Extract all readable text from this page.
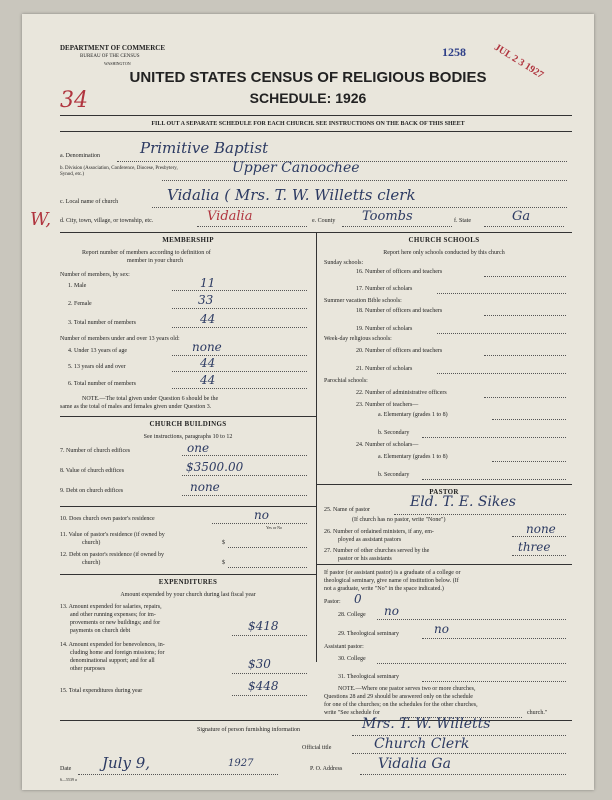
DEPARTMENT OF COMMERCE
BUREAU OF THE CENSUS
WASHINGTON
1258	JUL 2 3 1927
UNITED STATES CENSUS OF RELIGIOUS BODIES
SCHEDULE: 1926
34
FILL OUT A SEPARATE SCHEDULE FOR EACH CHURCH. SEE INSTRUCTIONS ON THE BACK OF THIS SHEET
a. Denomination	Primitive Baptist
b. Division (Association, Conference, Diocese, Presbytery, Synod, etc.)	Upper Canoochee
c. Local name of church	Vidalia ( Mrs. T. W. Willetts clerk
W, d. City, town, village, or township, etc.	Vidalia	e. County Toombs	f. State	Ga
MEMBERSHIP
Report number of members according to definition of
member in your church
Number of members, by sex:
1. Male	11
2. Female	33
3. Total number of members	44
Number of members under and over 13 years old:
4. Under 13 years of age	none
5. 13 years old and over	44
6. Total number of members	44
NOTE.—The total given under Question 6 should be the
same as the total of males and females given under Question 3.
CHURCH BUILDINGS
See instructions, paragraphs 10 to 12
7. Number of church edifices	one
8. Value of church edifices	$3500.00
9. Debt on church edifices	none
10. Does church own pastor's residence	no
Yes or No
11. Value of pastor's residence (if owned by
church)	$
12. Debt on pastor's residence (if owned by
church)	$
EXPENDITURES
Amount expended by your church during last fiscal year
13. Amount expended for salaries, repairs,
and other running expenses; for im-
provements or new buildings; and for
payments on church debt	$418
14. Amount expended for benevolences, in-
cluding home and foreign missions; for
denominational support; and for all
other purposes	$30
15. Total expenditures during year	$448
CHURCH SCHOOLS
Report here only schools conducted by this church
Sunday schools:
16. Number of officers and teachers
17. Number of scholars
Summer vacation Bible schools:
18. Number of officers and teachers
19. Number of scholars
Week-day religious schools:
20. Number of officers and teachers
21. Number of scholars
Parochial schools:
22. Number of administrative officers
23. Number of teachers—
a. Elementary (grades 1 to 8)
b. Secondary
24. Number of scholars—
a. Elementary (grades 1 to 8)
b. Secondary
PASTOR
25. Name of pastor	Eld. T. E. Sikes
(If church has no pastor, write "None")
26. Number of ordained ministers, if any, em-
ployed as assistant pastors
none
27. Number of other churches served by the
pastor or his assistants
three
If pastor (or assistant pastor) is a graduate of a college or
theological seminary, give name of institution below. (If
not a graduate, write "No" in the space indicated.)
Pastor: 0
28. College no
29. Theological seminary	no
Assistant pastor:
30. College
31. Theological seminary
NOTE.—Where one pastor serves two or more churches,
Questions 28 and 29 should be answered only on the schedule
for one of the churches; on the schedules for the other churches,
write "See schedule for	church."
Signature of person furnishing information	Mrs. T. W. Willetts
Official title	Church Clerk
Date July 9,	1927	P. O. Address	Vidalia Ga
6—5539 a
